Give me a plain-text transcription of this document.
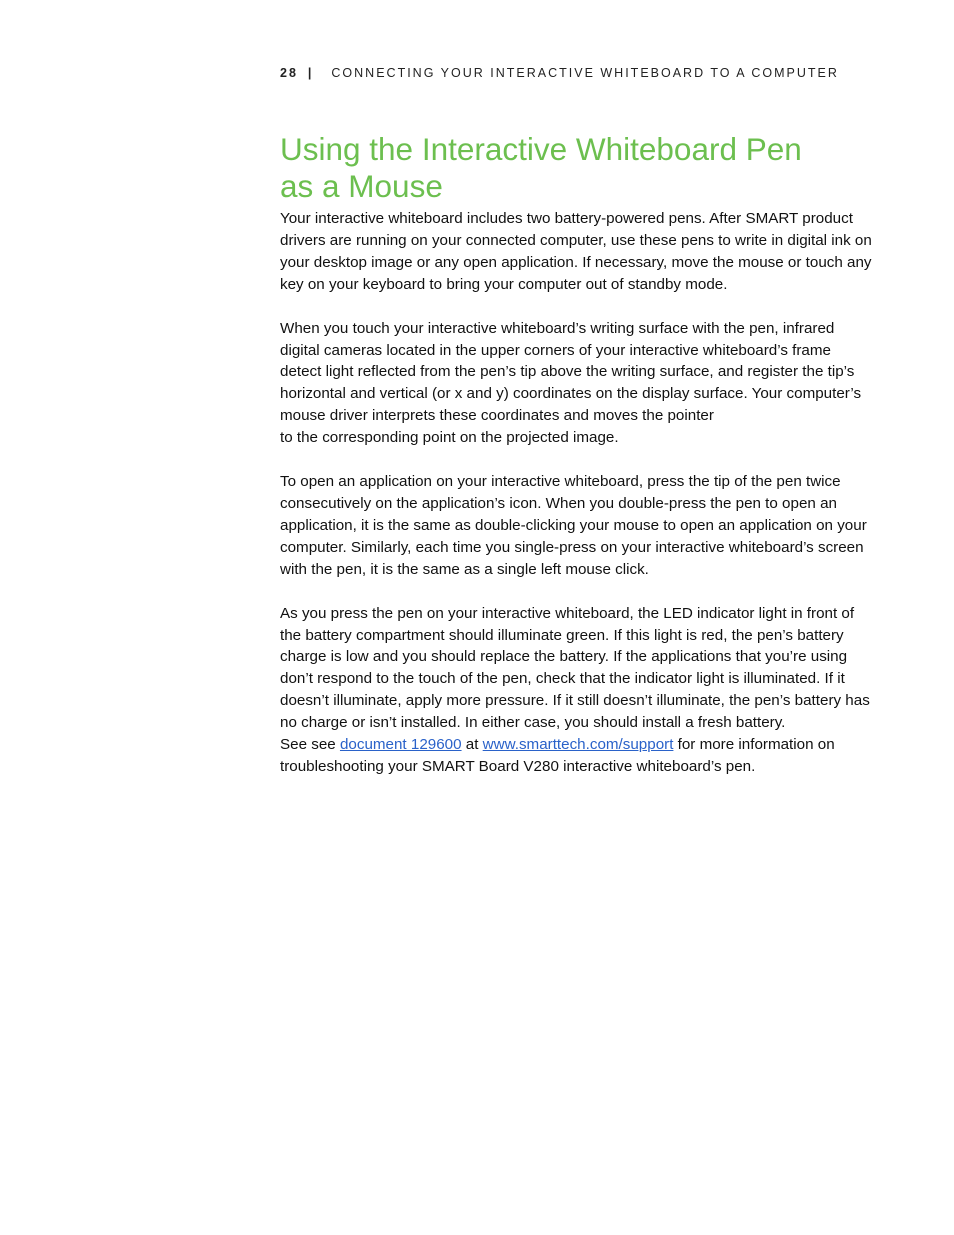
28 | CONNECTING YOUR INTERACTIVE WHITEBOARD TO A COMPUTER
Using the Interactive Whiteboard Pen
as a Mouse

Your interactive whiteboard includes two battery-powered pens. After SMART product drivers are running on your connected computer, use these pens to write in digital ink on your desktop image or any open application. If necessary, move the mouse or touch any key on your keyboard to bring your computer out of standby mode.

When you touch your interactive whiteboard’s writing surface with the pen, infrared digital cameras located in the upper corners of your interactive whiteboard’s frame detect light reflected from the pen’s tip above the writing surface, and register the tip’s horizontal and vertical (or x and y) coordinates on the display surface. Your computer’s mouse driver interprets these coordinates and moves the pointer
to the corresponding point on the projected image.

To open an application on your interactive whiteboard, press the tip of the pen twice consecutively on the application’s icon. When you double-press the pen to open an application, it is the same as double-clicking your mouse to open an application on your computer. Similarly, each time you single-press on your interactive whiteboard’s screen with the pen, it is the same as a single left mouse click.

As you press the pen on your interactive whiteboard, the LED indicator light in front of the battery compartment should illuminate green. If this light is red, the pen’s battery charge is low and you should replace the battery. If the applications that you’re using don’t respond to the touch of the pen, check that the indicator light is illuminated. If it doesn’t illuminate, apply more pressure. If it still doesn’t illuminate, the pen’s battery has no charge or isn’t installed. In either case, you should install a fresh battery.
See see document 129600 at www.smarttech.com/support for more information on troubleshooting your SMART Board V280 interactive whiteboard’s pen.
